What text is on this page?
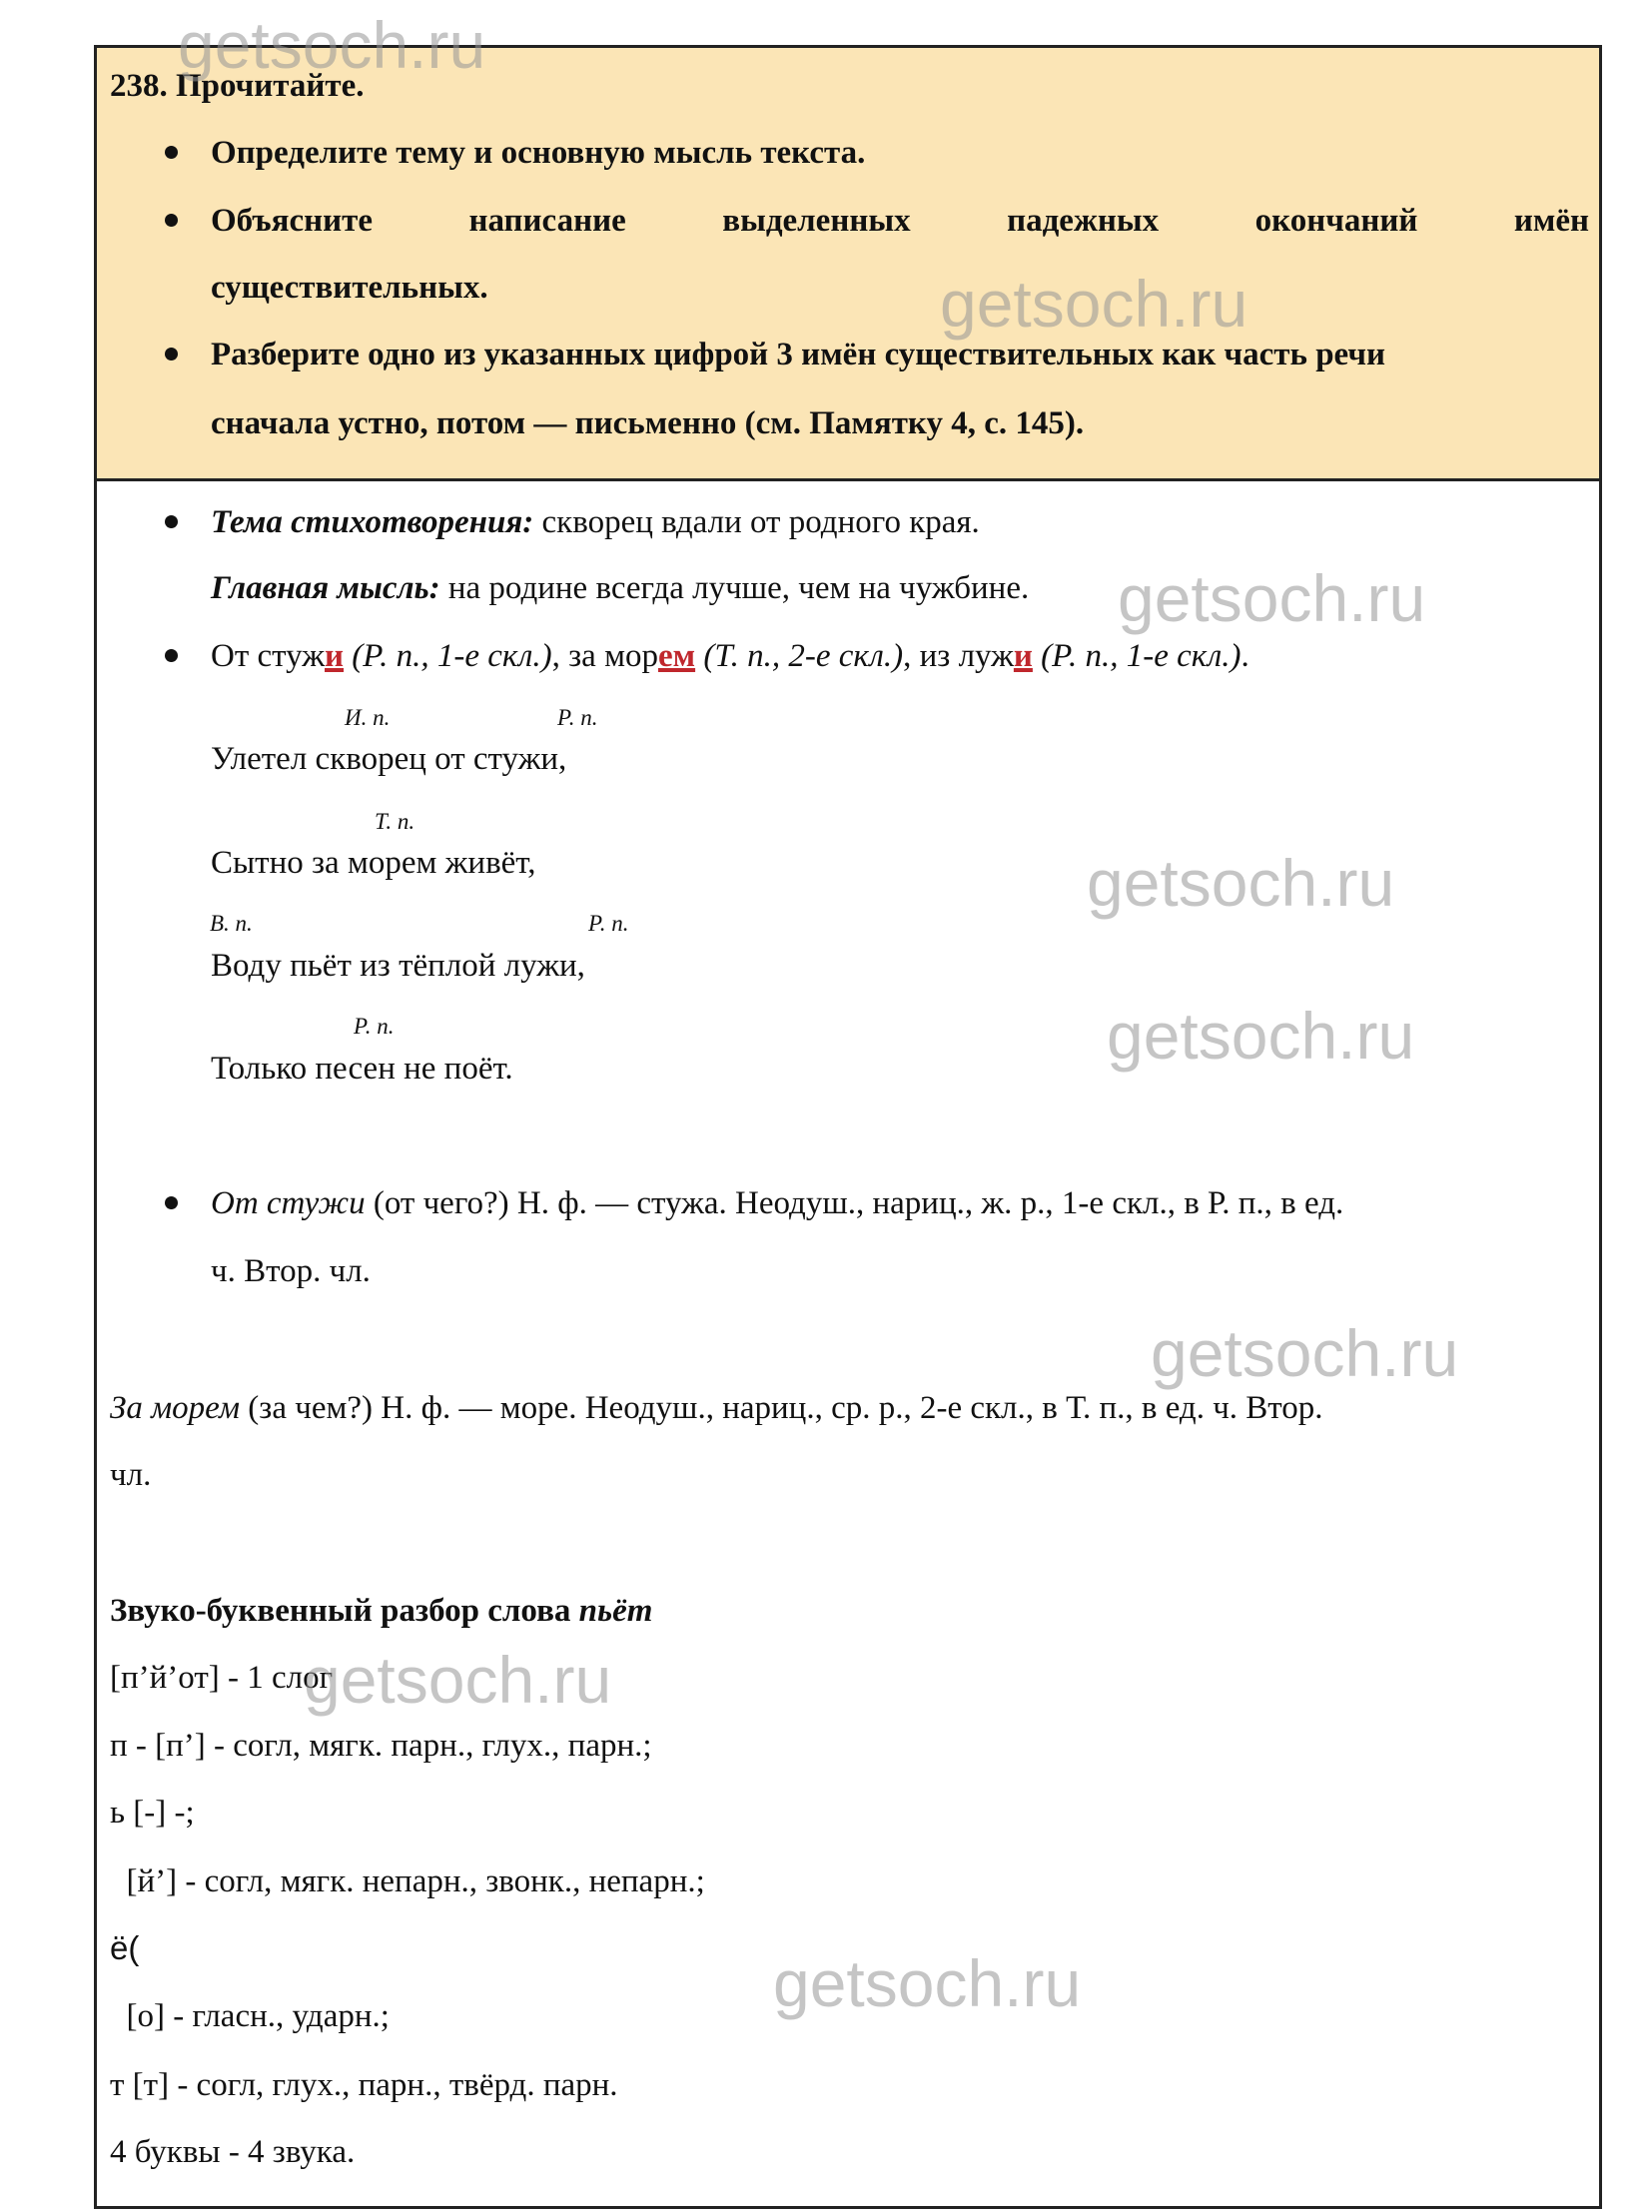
238. Прочитайте.
Определите тему и основную мысль текста.
Объясните написание выделенных падежных окончаний имён
существительных.
Разберите одно из указанных цифрой 3 имён существительных как часть речи
сначала устно, потом — письменно (см. Памятку 4, с. 145).
Тема стихотворения: скворец вдали от родного края.
Главная мысль: на родине всегда лучше, чем на чужбине.
От стужи (Р. п., 1-е скл.), за морем (Т. п., 2-е скл.), из лужи (Р. п., 1-е скл.).
И. п.	Р. п.
Улетел скворец от стужи,
Т. п.
Сытно за морем живёт,
В. п.	Р. п.
Воду пьёт из тёплой лужи,
Р. п.
Только песен не поёт.
От стужи (от чего?) Н. ф. — стужа. Неодуш., нариц., ж. р., 1-е скл., в Р. п., в ед.
ч. Втор. чл.
За морем (за чем?) Н. ф. — море. Неодуш., нариц., ср. р., 2-е скл., в Т. п., в ед. ч. Втор.
чл.
Звуко-буквенный разбор слова пьёт
[п’й’от] - 1 слог
п - [п’] - согл, мягк. парн., глух., парн.;
ь [-] -;
[й’] - согл, мягк. непарн., звонк., непарн.;
ё(
[о] - гласн., ударн.;
т [т] - согл, глух., парн., твёрд. парн.
4 буквы - 4 звука.
getsoch.ru
getsoch.ru
getsoch.ru
getsoch.ru
getsoch.ru
getsoch.ru
getsoch.ru
getsoch.ru
